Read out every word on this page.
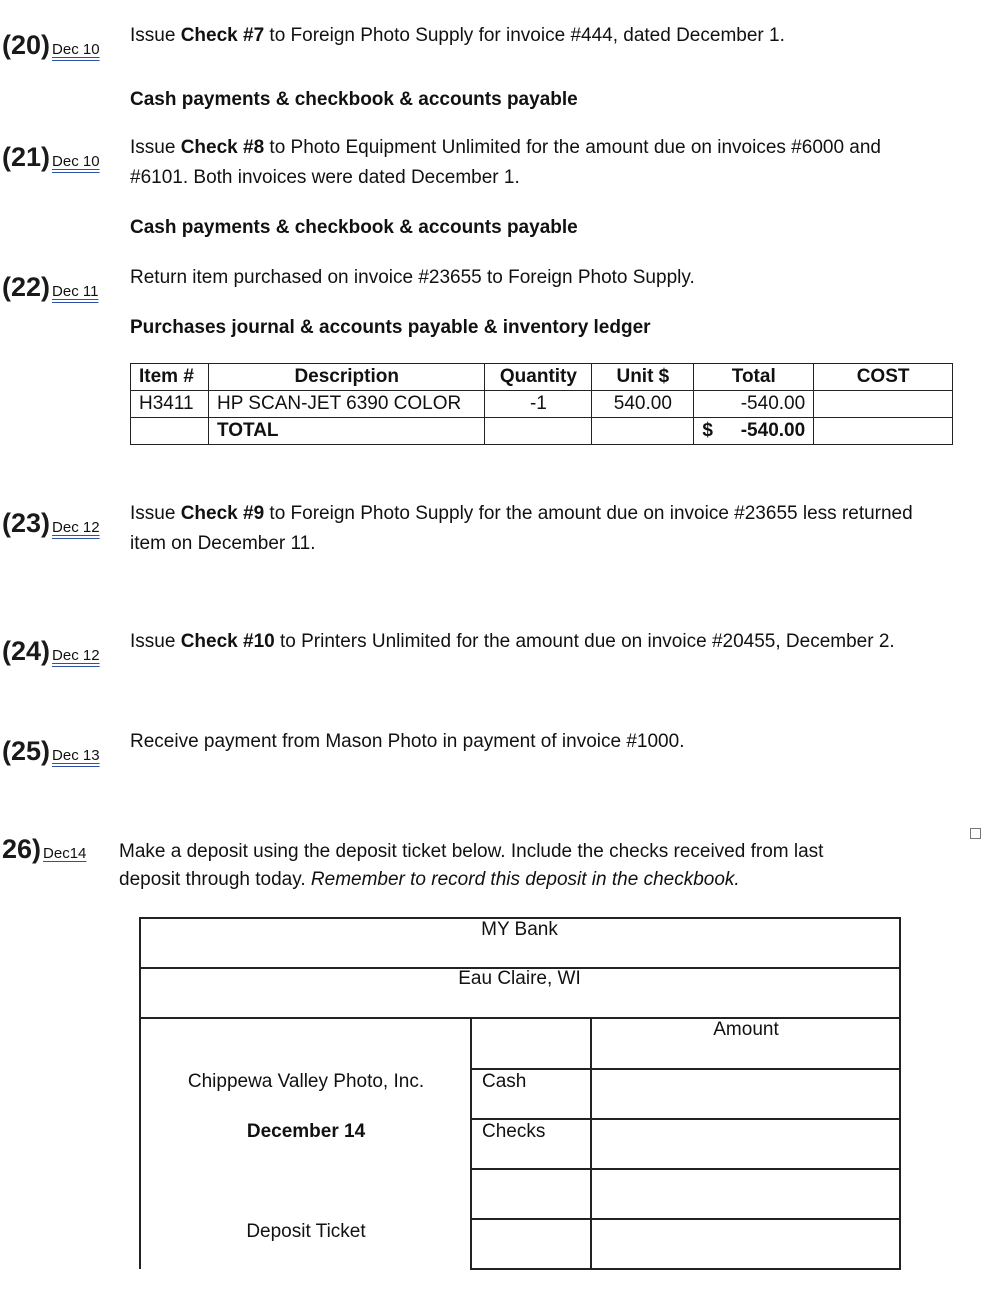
(20) Dec 10
Issue Check #7 to Foreign Photo Supply for invoice #444, dated December 1.
Cash payments & checkbook & accounts payable
(21) Dec 10
Issue Check #8 to Photo Equipment Unlimited for the amount due on invoices #6000 and
#6101. Both invoices were dated December 1.
Cash payments & checkbook & accounts payable
(22) Dec 11
Return item purchased on invoice #23655 to Foreign Photo Supply.
Purchases journal & accounts payable & inventory ledger
Item #	Description	Quantity	Unit $	Total	COST
H3411	HP SCAN-JET 6390 COLOR	-1	540.00	-540.00	
	TOTAL			$ -540.00	

(23) Dec 12
Issue Check #9 to Foreign Photo Supply for the amount due on invoice #23655 less returned
item on December 11.
(24) Dec 12
Issue Check #10 to Printers Unlimited for the amount due on invoice #20455, December 2.
(25) Dec 13
Receive payment from Mason Photo in payment of invoice #1000.
26) Dec14 Make a deposit using the deposit ticket below. Include the checks received from last
deposit through today. Remember to record this deposit in the checkbook.
MY Bank
Eau Claire, WI
Amount
Cash
Checks
Chippewa Valley Photo, Inc.
December 14
Deposit Ticket
